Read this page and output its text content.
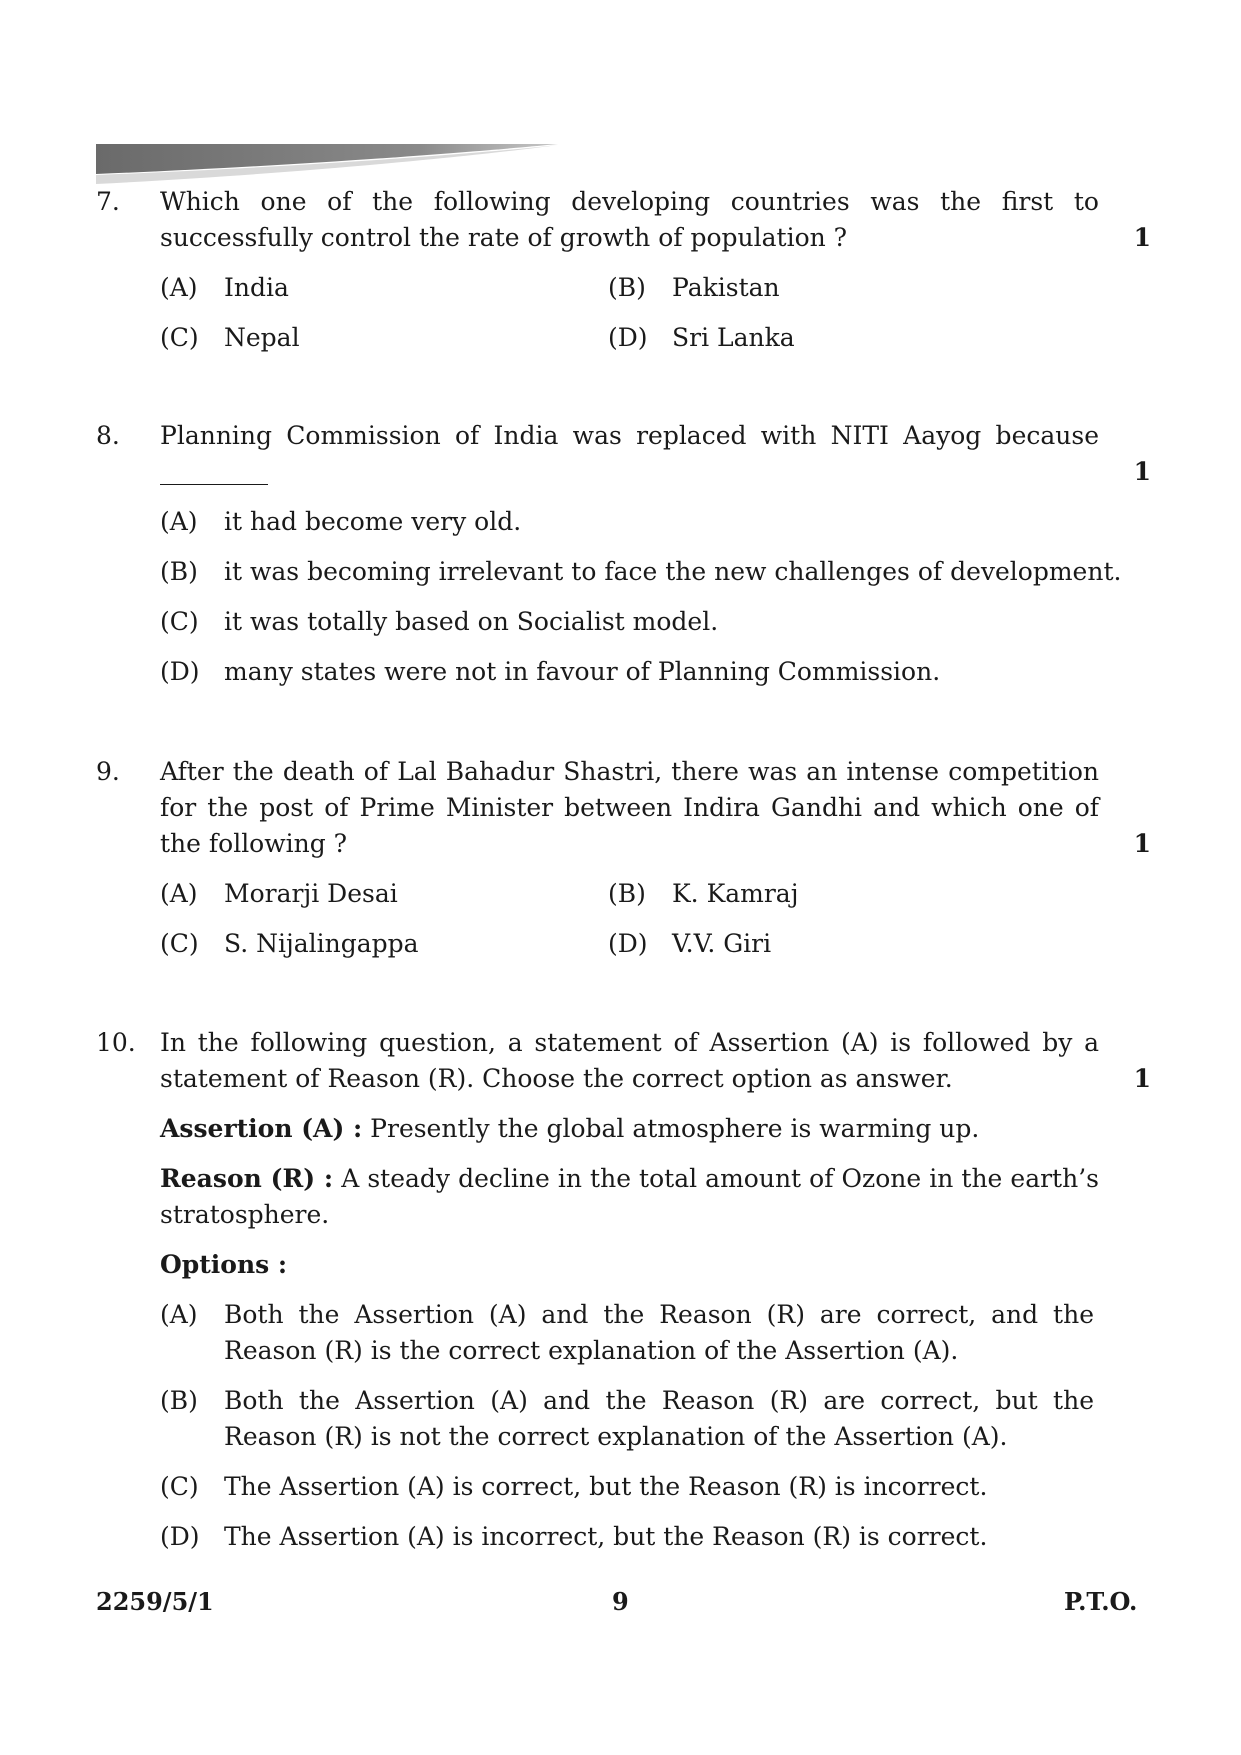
7.	Which one of the following developing countries was the first to
successfully control the rate of growth of population ?	1
(A)	India	(B)	Pakistan
(C)	Nepal	(D) Sri Lanka
8.	Planning Commission of India was replaced with NITI Aayog because
1
(A)	it had become very old.
(B)	it was becoming irrelevant to face the new challenges of development.
(C)	it was totally based on Socialist model.
(D) many states were not in favour of Planning Commission.
9.	After the death of Lal Bahadur Shastri, there was an intense competition
for the post of Prime Minister between Indira Gandhi and which one of
the following ?	1
(A)	Morarji Desai	(B)	K. Kamraj
(C)	S. Nijalingappa	(D) V.V. Giri
10. In the following question, a statement of Assertion (A) is followed by a
statement of Reason (R). Choose the correct option as answer.	1
Assertion (A) : Presently the global atmosphere is warming up.
Reason (R) : A steady decline in the total amount of Ozone in the earth’s stratosphere.
Options :
(A)	Both the Assertion (A) and the Reason (R) are correct, and the Reason (R) is the correct explanation of the Assertion (A).
(B)	Both the Assertion (A) and the Reason (R) are correct, but the Reason (R) is not the correct explanation of the Assertion (A).
(C)	The Assertion (A) is correct, but the Reason (R) is incorrect.
(D) The Assertion (A) is incorrect, but the Reason (R) is correct.
2259/5/1	9	P.T.O.
